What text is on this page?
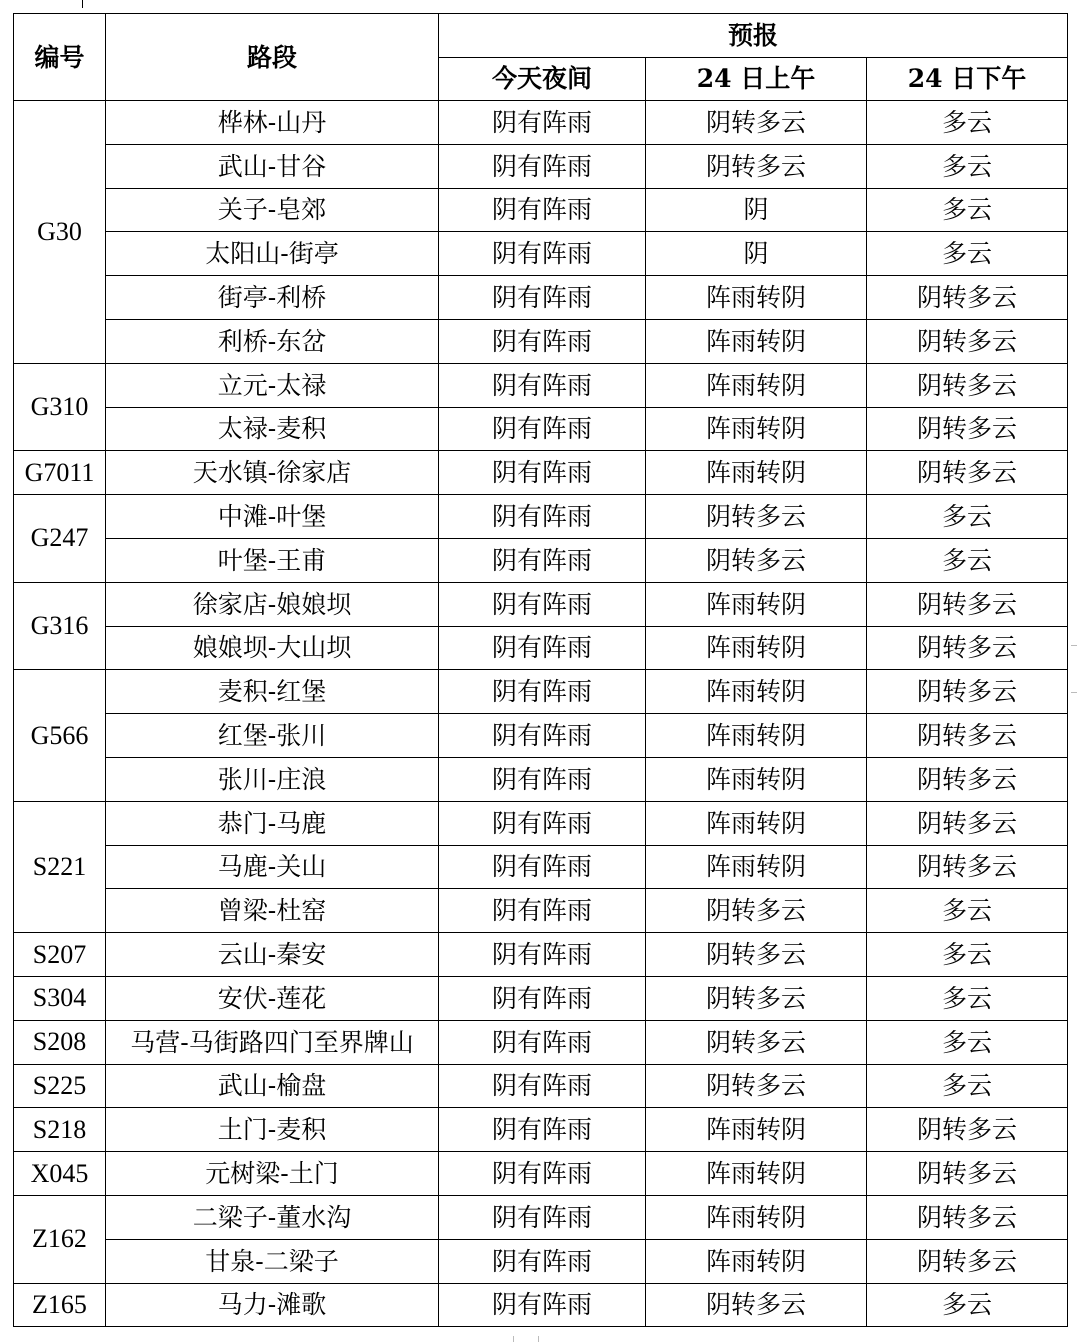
编号	路段	预报		
		今天夜间	24 日上午	24 日下午
G30	桦林-山丹	阴有阵雨	阴转多云	多云
	武山-甘谷	阴有阵雨	阴转多云	多云
	关子-皂郊	阴有阵雨	阴	多云
	太阳山-街亭	阴有阵雨	阴	多云
	街亭-利桥	阴有阵雨	阵雨转阴	阴转多云
	利桥-东岔	阴有阵雨	阵雨转阴	阴转多云
G310	立元-太禄	阴有阵雨	阵雨转阴	阴转多云
	太禄-麦积	阴有阵雨	阵雨转阴	阴转多云
G7011	天水镇-徐家店	阴有阵雨	阵雨转阴	阴转多云
G247	中滩-叶堡	阴有阵雨	阴转多云	多云
	叶堡-王甫	阴有阵雨	阴转多云	多云
G316	徐家店-娘娘坝	阴有阵雨	阵雨转阴	阴转多云
	娘娘坝-大山坝	阴有阵雨	阵雨转阴	阴转多云
G566	麦积-红堡	阴有阵雨	阵雨转阴	阴转多云
	红堡-张川	阴有阵雨	阵雨转阴	阴转多云
	张川-庄浪	阴有阵雨	阵雨转阴	阴转多云
S221	恭门-马鹿	阴有阵雨	阵雨转阴	阴转多云
	马鹿-关山	阴有阵雨	阵雨转阴	阴转多云
	曾梁-杜窑	阴有阵雨	阴转多云	多云
S207	云山-秦安	阴有阵雨	阴转多云	多云
S304	安伏-莲花	阴有阵雨	阴转多云	多云
S208	马营-马街路四门至界牌山	阴有阵雨	阴转多云	多云
S225	武山-榆盘	阴有阵雨	阴转多云	多云
S218	土门-麦积	阴有阵雨	阵雨转阴	阴转多云
X045	元树梁-土门	阴有阵雨	阵雨转阴	阴转多云
Z162	二梁子-董水沟	阴有阵雨	阵雨转阴	阴转多云
	甘泉-二梁子	阴有阵雨	阵雨转阴	阴转多云
Z165	马力-滩歌	阴有阵雨	阴转多云	多云
